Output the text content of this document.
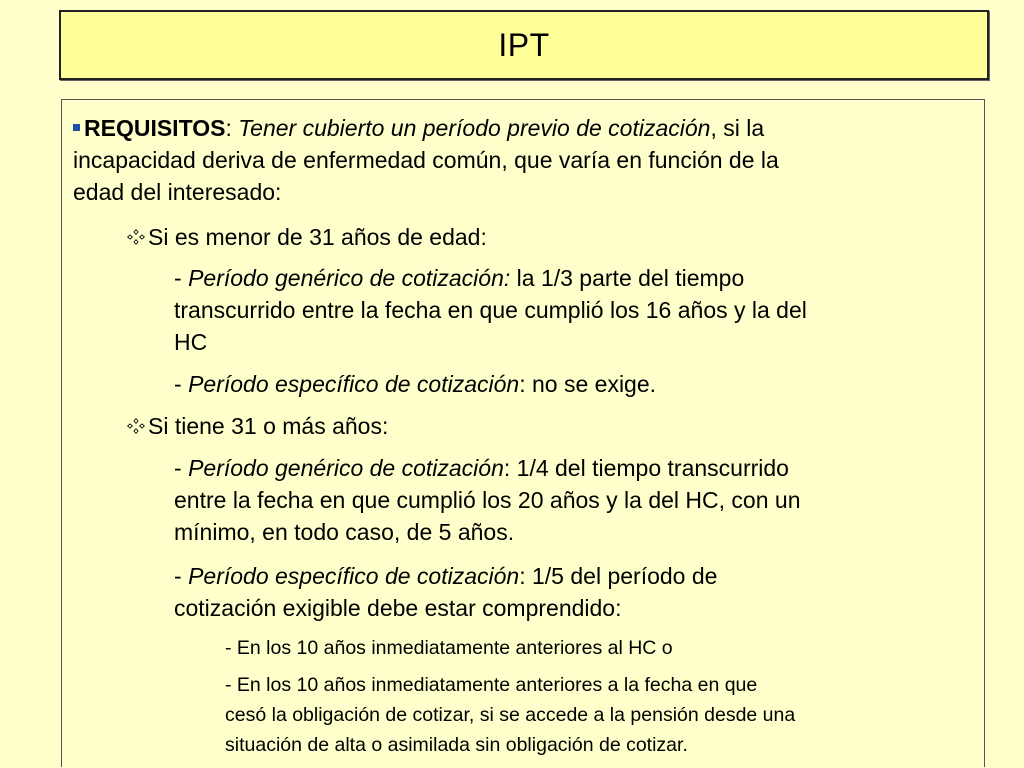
IPT

REQUISITOS: Tener cubierto un período previo de cotización, si la

incapacidad deriva de enfermedad común, que varía en función de la

edad del interesado:

Si es menor de 31 años de edad:

- Período genérico de cotización: la 1/3 parte del tiempo

transcurrido entre la fecha en que cumplió los 16 años y la del

HC

- Período específico de cotización: no se exige.

Si tiene 31 o más años:

- Período genérico de cotización: 1/4 del tiempo transcurrido

entre la fecha en que cumplió los 20 años y la del HC, con un

mínimo, en todo caso, de 5 años.

- Período específico de cotización: 1/5 del período de

cotización exigible debe estar comprendido:

- En los 10 años inmediatamente anteriores al HC o

- En los 10 años inmediatamente anteriores a la fecha en que

cesó la obligación de cotizar, si se accede a la pensión desde una

situación de alta o asimilada sin obligación de cotizar.
